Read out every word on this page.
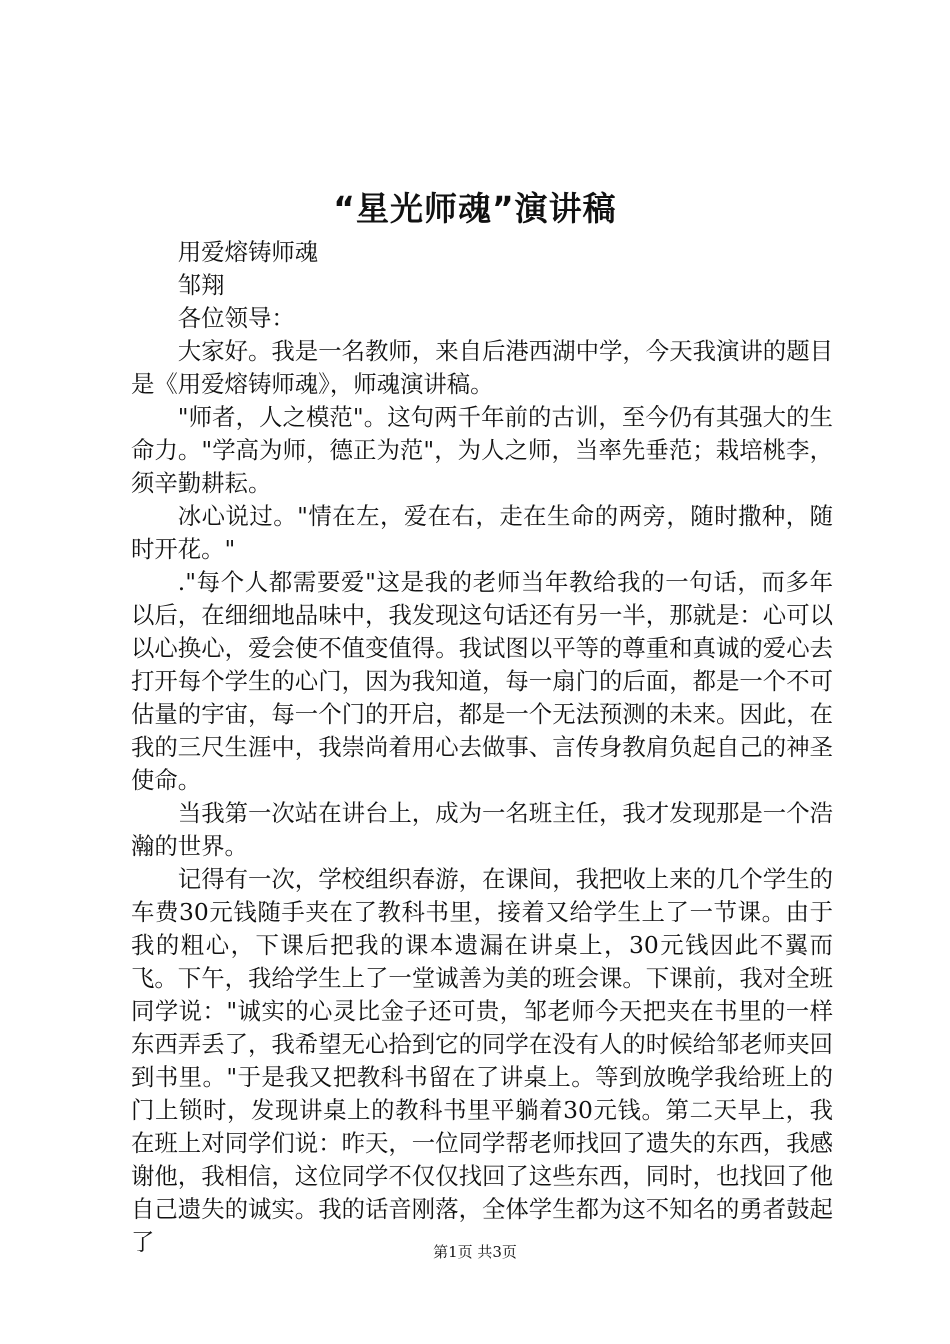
“星光师魂”演讲稿

用爱熔铸师魂

邹翔

各位领导：

大家好。我是一名教师，来自后港西湖中学，今天我演讲的题目是《用爱熔铸师魂》，师魂演讲稿。

"师者，人之模范"。这句两千年前的古训，至今仍有其强大的生命力。"学高为师，德正为范"，为人之师，当率先垂范；栽培桃李，须辛勤耕耘。

冰心说过。"情在左，爱在右，走在生命的两旁，随时撒种，随时开花。"

."每个人都需要爱"这是我的老师当年教给我的一句话，而多年以后，在细细地品味中，我发现这句话还有另一半，那就是：心可以以心换心，爱会使不值变值得。我试图以平等的尊重和真诚的爱心去打开每个学生的心门，因为我知道，每一扇门的后面，都是一个不可估量的宇宙，每一个门的开启，都是一个无法预测的未来。因此，在我的三尺生涯中，我崇尚着用心去做事、言传身教肩负起自己的神圣使命。

当我第一次站在讲台上，成为一名班主任，我才发现那是一个浩瀚的世界。

记得有一次，学校组织春游，在课间，我把收上来的几个学生的车费30元钱随手夹在了教科书里，接着又给学生上了一节课。由于我的粗心，下课后把我的课本遗漏在讲桌上，30元钱因此不翼而飞。下午，我给学生上了一堂诚善为美的班会课。下课前，我对全班同学说："诚实的心灵比金子还可贵，邹老师今天把夹在书里的一样东西弄丢了，我希望无心拾到它的同学在没有人的时候给邹老师夹回到书里。"于是我又把教科书留在了讲桌上。等到放晚学我给班上的门上锁时，发现讲桌上的教科书里平躺着30元钱。第二天早上，我在班上对同学们说：昨天，一位同学帮老师找回了遗失的东西，我感谢他，我相信，这位同学不仅仅找回了这些东西，同时，也找回了他自己遗失的诚实。我的话音刚落，全体学生都为这不知名的勇者鼓起了	第1页 共3页
